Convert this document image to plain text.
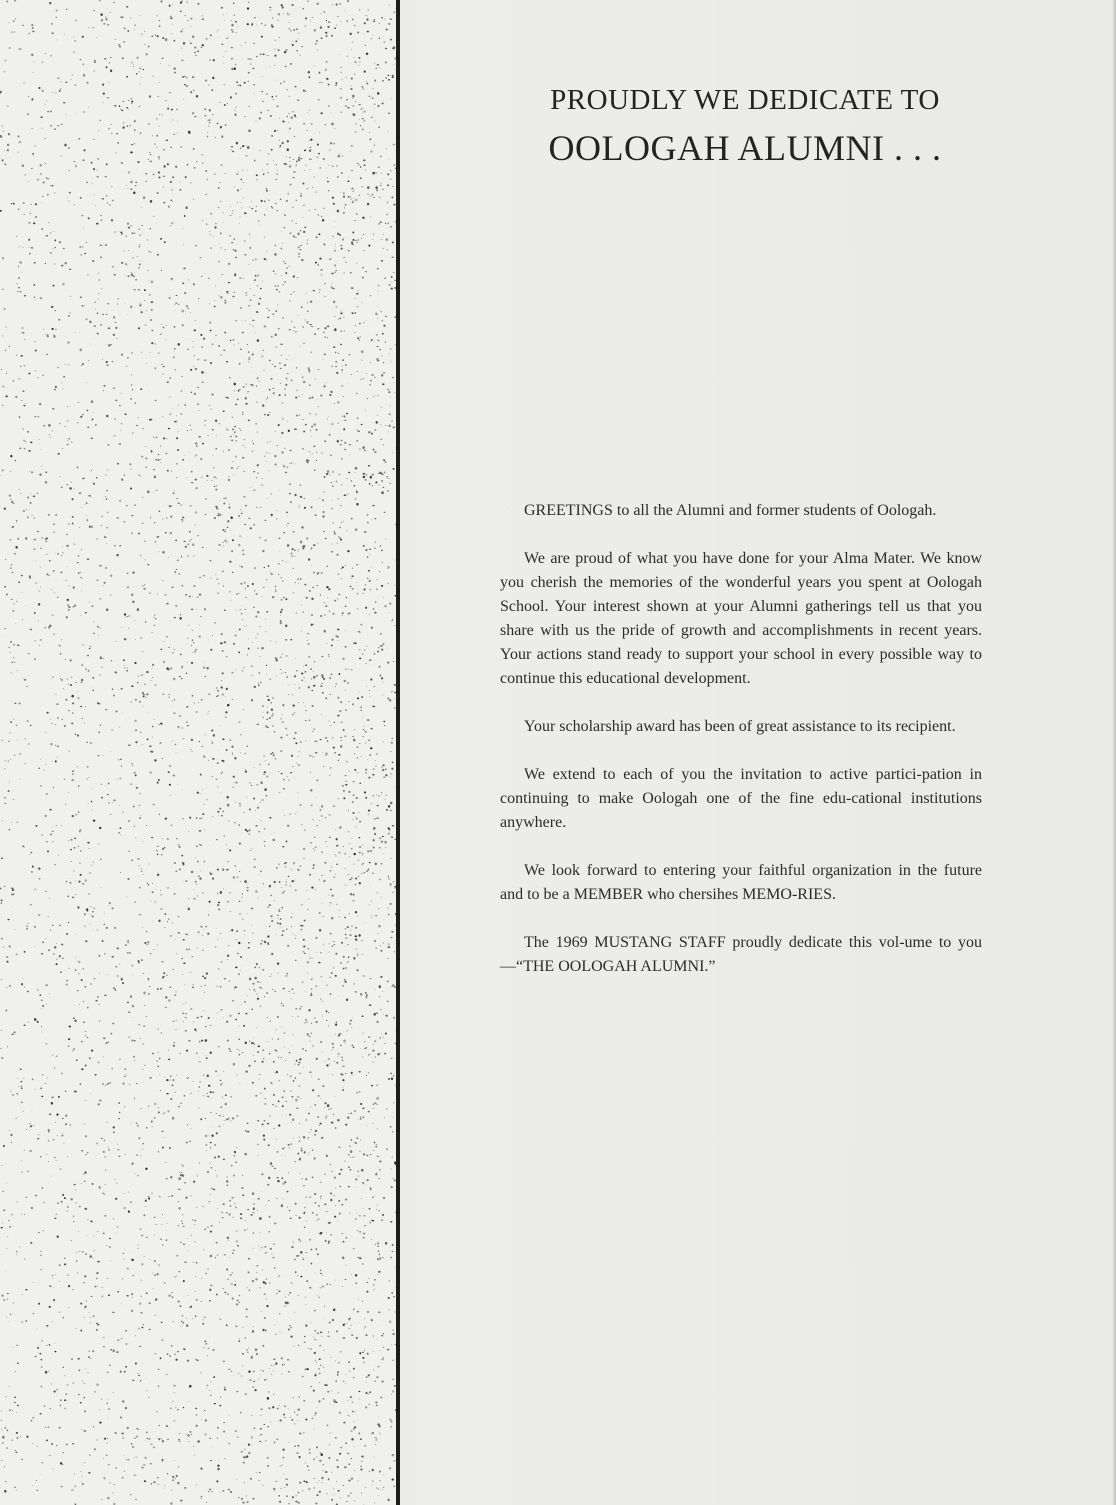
PROUDLY WE DEDICATE TO
OOLOGAH ALUMNI . . .

GREETINGS to all the Alumni and former students of Oologah.

We are proud of what you have done for your Alma Mater. We know you cherish the memories of the wonderful years you spent at Oologah School. Your interest shown at your Alumni gatherings tell us that you share with us the pride of growth and accomplishments in recent years. Your actions stand ready to support your school in every possible way to continue this educational development.

Your scholarship award has been of great assistance to its recipient.

We extend to each of you the invitation to active partici-pation in continuing to make Oologah one of the fine edu-cational institutions anywhere.

We look forward to entering your faithful organization in the future and to be a MEMBER who chersihes MEMO-RIES.

The 1969 MUSTANG STAFF proudly dedicate this vol-ume to you—“THE OOLOGAH ALUMNI.”
